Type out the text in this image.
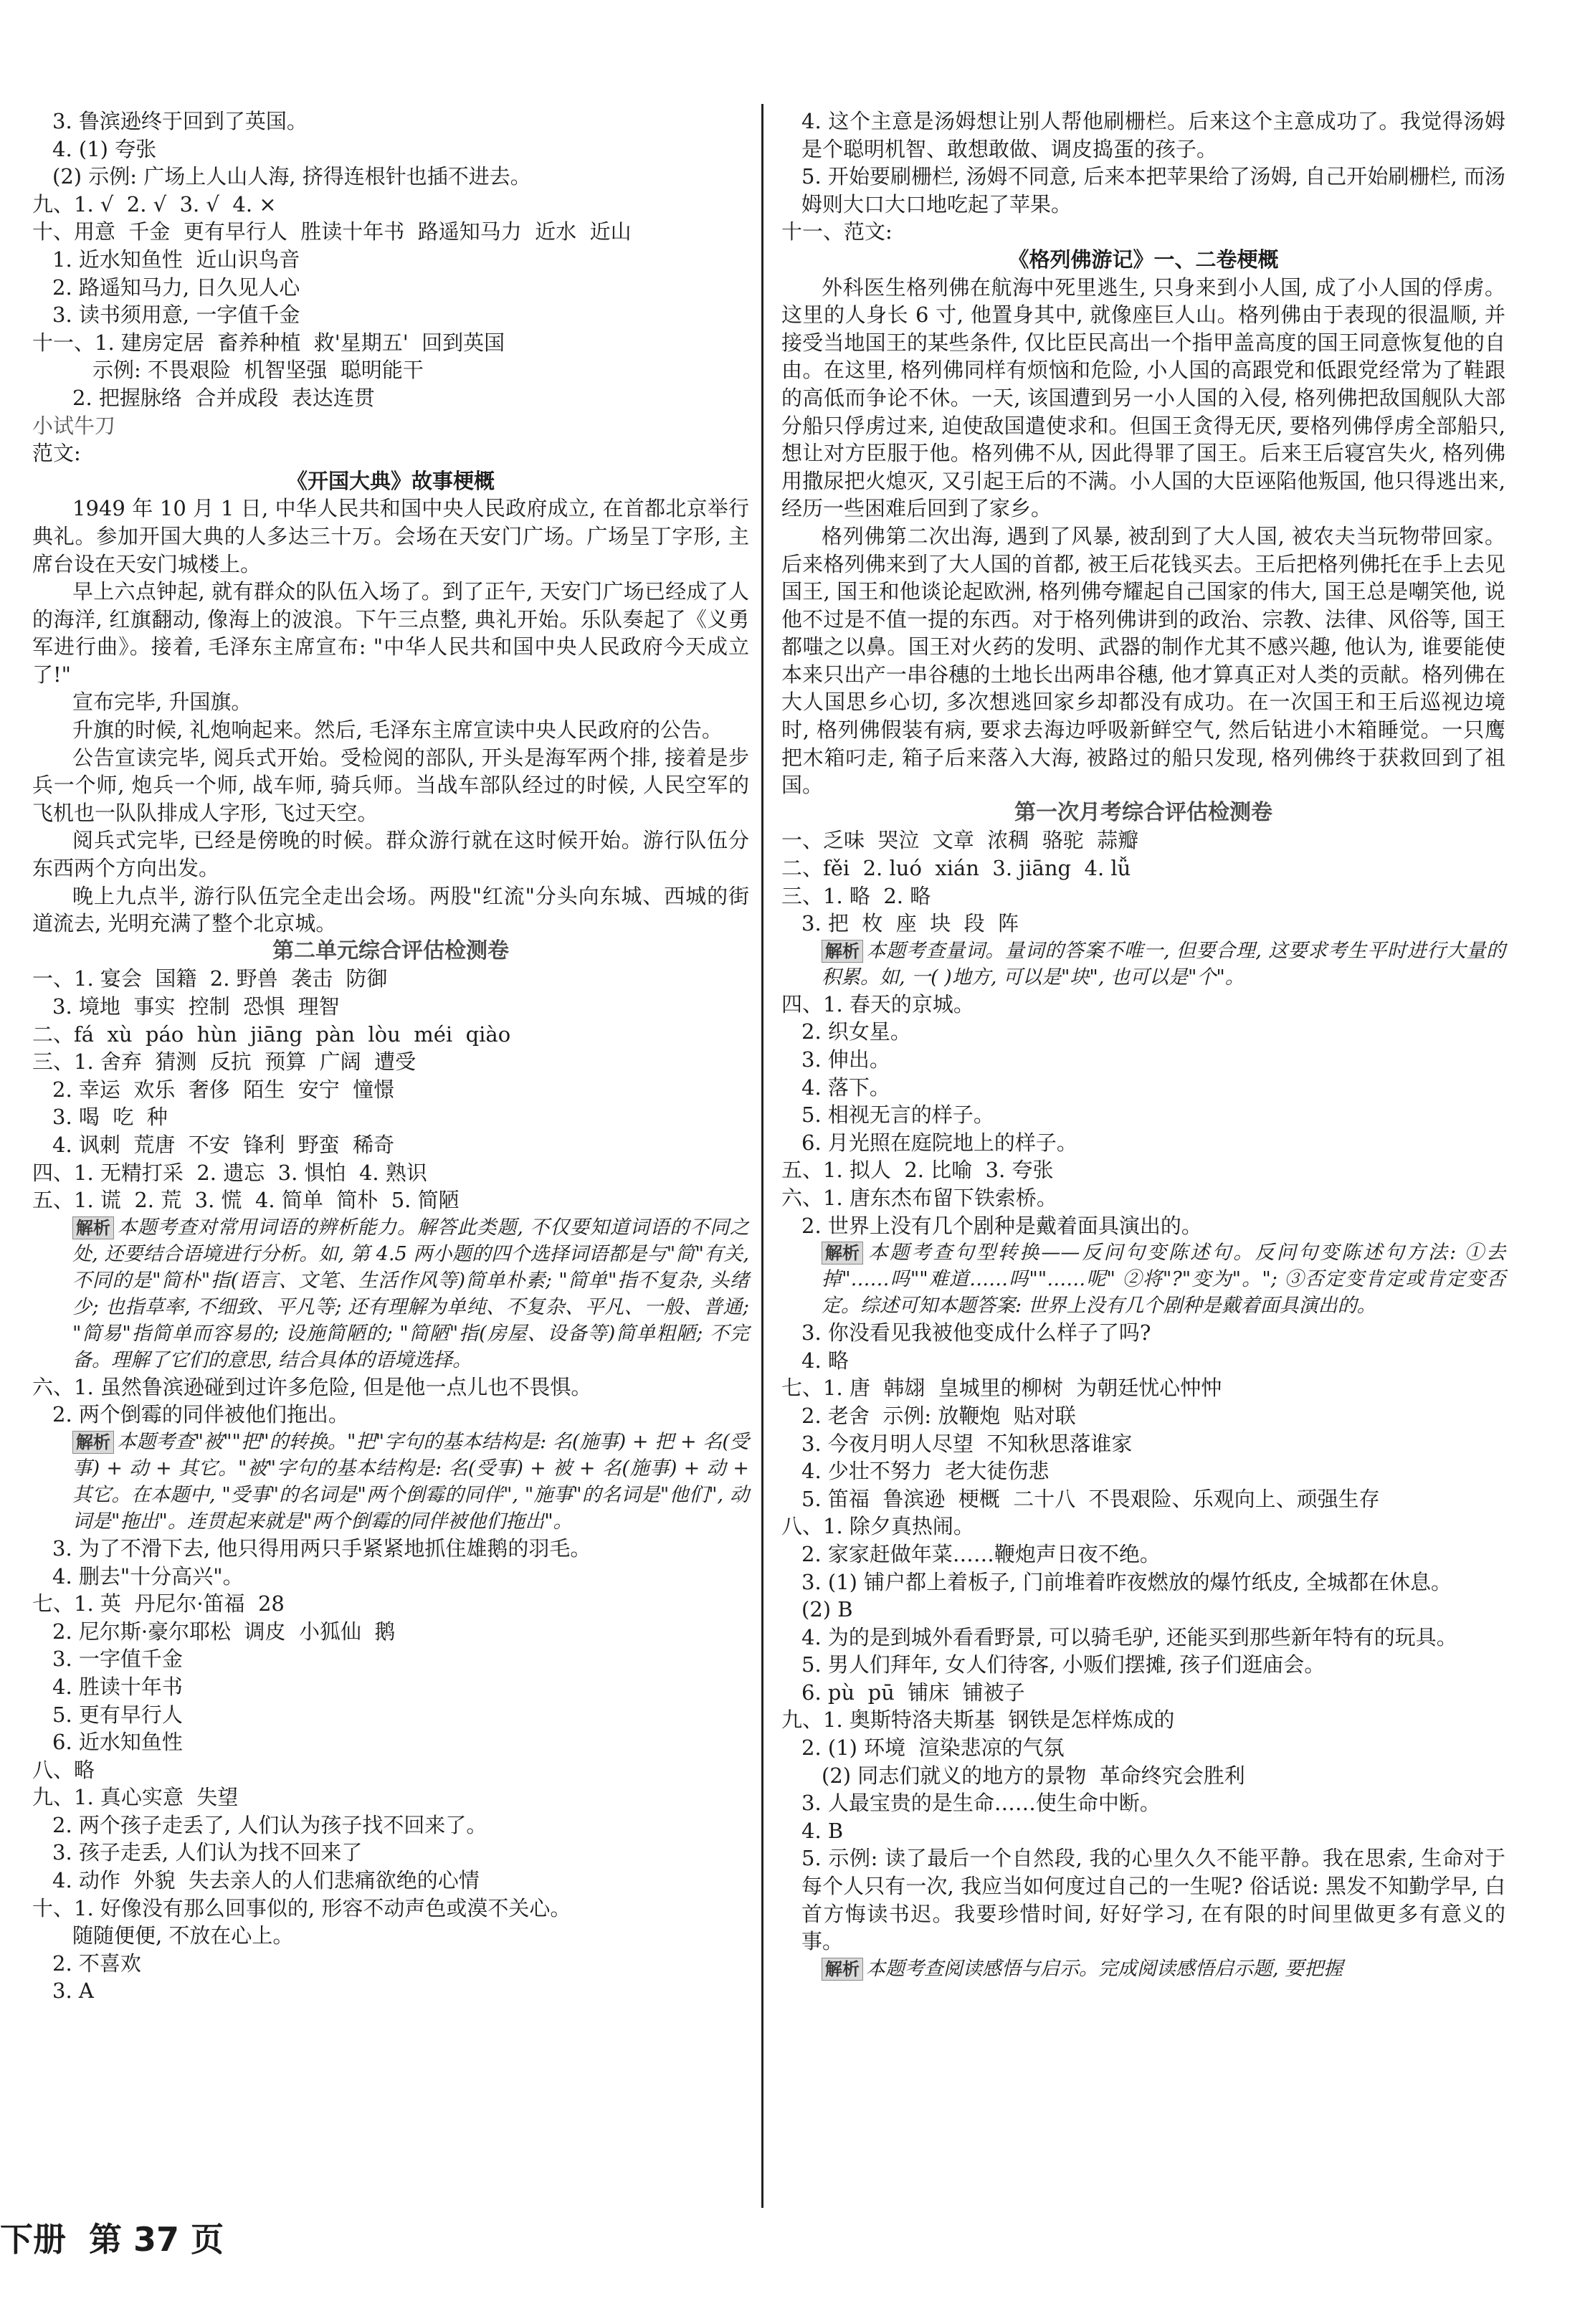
3. 鲁滨逊终于回到了英国。
4. (1) 夸张
(2) 示例: 广场上人山人海, 挤得连根针也插不进去。
九、1. √  2. √  3. √  4. ×
十、用意  千金  更有早行人  胜读十年书  路遥知马力  近水  近山
1. 近水知鱼性  近山识鸟音
2. 路遥知马力, 日久见人心
3. 读书须用意, 一字值千金
十一、1. 建房定居  畜养种植  救'星期五'  回到英国
示例: 不畏艰险  机智坚强  聪明能干
2. 把握脉络  合并成段  表达连贯
小试牛刀
范文:
《开国大典》故事梗概
1949 年 10 月 1 日, 中华人民共和国中央人民政府成立, 在首都北京举行典礼。参加开国大典的人多达三十万。会场在天安门广场。广场呈丁字形, 主席台设在天安门城楼上。
早上六点钟起, 就有群众的队伍入场了。到了正午, 天安门广场已经成了人的海洋, 红旗翻动, 像海上的波浪。下午三点整, 典礼开始。乐队奏起了《义勇军进行曲》。接着, 毛泽东主席宣布: "中华人民共和国中央人民政府今天成立了!"
宣布完毕, 升国旗。
升旗的时候, 礼炮响起来。然后, 毛泽东主席宣读中央人民政府的公告。
公告宣读完毕, 阅兵式开始。受检阅的部队, 开头是海军两个排, 接着是步兵一个师, 炮兵一个师, 战车师, 骑兵师。当战车部队经过的时候, 人民空军的飞机也一队队排成人字形, 飞过天空。
阅兵式完毕, 已经是傍晚的时候。群众游行就在这时候开始。游行队伍分东西两个方向出发。
晚上九点半, 游行队伍完全走出会场。两股"红流"分头向东城、西城的街道流去, 光明充满了整个北京城。
第二单元综合评估检测卷
一、1. 宴会  国籍  2. 野兽  袭击  防御
3. 境地  事实  控制  恐惧  理智
二、fá  xù  páo  hùn  jiāng  pàn  lòu  méi  qiào
三、1. 舍弃  猜测  反抗  预算  广阔  遭受
2. 幸运  欢乐  奢侈  陌生  安宁  憧憬
3. 喝  吃  种
4. 讽刺  荒唐  不安  锋利  野蛮  稀奇
四、1. 无精打采  2. 遗忘  3. 惧怕  4. 熟识
五、1. 谎  2. 荒  3. 慌  4. 简单  简朴  5. 简陋
解析 本题考查对常用词语的辨析能力。解答此类题, 不仅要知道词语的不同之处, 还要结合语境进行分析。如, 第 4.5 两小题的四个选择词语都是与"简"有关, 不同的是"简朴"指(语言、文笔、生活作风等)简单朴素; "简单"指不复杂, 头绪少; 也指草率, 不细致、平凡等; 还有理解为单纯、不复杂、平凡、一般、普通; "简易"指简单而容易的; 设施简陋的; "简陋"指(房屋、设备等)简单粗陋; 不完备。理解了它们的意思, 结合具体的语境选择。
六、1. 虽然鲁滨逊碰到过许多危险, 但是他一点儿也不畏惧。
2. 两个倒霉的同伴被他们拖出。
解析 本题考查"被""把"的转换。"把"字句的基本结构是: 名(施事) + 把 + 名(受事) + 动 + 其它。"被"字句的基本结构是: 名(受事) + 被 + 名(施事) + 动 + 其它。在本题中, "受事"的名词是"两个倒霉的同伴", "施事"的名词是"他们", 动词是"拖出"。连贯起来就是"两个倒霉的同伴被他们拖出"。
3. 为了不滑下去, 他只得用两只手紧紧地抓住雄鹅的羽毛。
4. 删去"十分高兴"。
七、1. 英  丹尼尔·笛福  28
2. 尼尔斯·豪尔耶松  调皮  小狐仙  鹅
3. 一字值千金
4. 胜读十年书
5. 更有早行人
6. 近水知鱼性
八、略
九、1. 真心实意  失望
2. 两个孩子走丢了, 人们认为孩子找不回来了。
3. 孩子走丢, 人们认为找不回来了
4. 动作  外貌  失去亲人的人们悲痛欲绝的心情
十、1. 好像没有那么回事似的, 形容不动声色或漠不关心。
随随便便, 不放在心上。
2. 不喜欢
3. A
4. 这个主意是汤姆想让别人帮他刷栅栏。后来这个主意成功了。我觉得汤姆是个聪明机智、敢想敢做、调皮捣蛋的孩子。
5. 开始要刷栅栏, 汤姆不同意, 后来本把苹果给了汤姆, 自己开始刷栅栏, 而汤姆则大口大口地吃起了苹果。
十一、范文:
《格列佛游记》一、二卷梗概
外科医生格列佛在航海中死里逃生, 只身来到小人国, 成了小人国的俘虏。这里的人身长 6 寸, 他置身其中, 就像座巨人山。格列佛由于表现的很温顺, 并接受当地国王的某些条件, 仅比臣民高出一个指甲盖高度的国王同意恢复他的自由。在这里, 格列佛同样有烦恼和危险, 小人国的高跟党和低跟党经常为了鞋跟的高低而争论不休。一天, 该国遭到另一小人国的入侵, 格列佛把敌国舰队大部分船只俘虏过来, 迫使敌国遣使求和。但国王贪得无厌, 要格列佛俘虏全部船只, 想让对方臣服于他。格列佛不从, 因此得罪了国王。后来王后寝宫失火, 格列佛用撒尿把火熄灭, 又引起王后的不满。小人国的大臣诬陷他叛国, 他只得逃出来, 经历一些困难后回到了家乡。
格列佛第二次出海, 遇到了风暴, 被刮到了大人国, 被农夫当玩物带回家。后来格列佛来到了大人国的首都, 被王后花钱买去。王后把格列佛托在手上去见国王, 国王和他谈论起欧洲, 格列佛夸耀起自己国家的伟大, 国王总是嘲笑他, 说他不过是不值一提的东西。对于格列佛讲到的政治、宗教、法律、风俗等, 国王都嗤之以鼻。国王对火药的发明、武器的制作尤其不感兴趣, 他认为, 谁要能使本来只出产一串谷穗的土地长出两串谷穗, 他才算真正对人类的贡献。格列佛在大人国思乡心切, 多次想逃回家乡却都没有成功。在一次国王和王后巡视边境时, 格列佛假装有病, 要求去海边呼吸新鲜空气, 然后钻进小木箱睡觉。一只鹰把木箱叼走, 箱子后来落入大海, 被路过的船只发现, 格列佛终于获救回到了祖国。
第一次月考综合评估检测卷
一、乏味  哭泣  文章  浓稠  骆驼  蒜瓣
二、fěi  2. luó  xián  3. jiāng  4. lǚ
三、1. 略  2. 略
3. 把  枚  座  块  段  阵
解析 本题考查量词。量词的答案不唯一, 但要合理, 这要求考生平时进行大量的积累。如, 一( )地方, 可以是"块", 也可以是"个"。
四、1. 春天的京城。
2. 织女星。
3. 伸出。
4. 落下。
5. 相视无言的样子。
6. 月光照在庭院地上的样子。
五、1. 拟人  2. 比喻  3. 夸张
六、1. 唐东杰布留下铁索桥。
2. 世界上没有几个剧种是戴着面具演出的。
解析 本题考查句型转换——反问句变陈述句。反问句变陈述句方法: ①去掉"……吗""难道……吗""……呢" ②将"?"变为"。"; ③否定变肯定或肯定变否定。综述可知本题答案: 世界上没有几个剧种是戴着面具演出的。
3. 你没看见我被他变成什么样子了吗?
4. 略
七、1. 唐  韩翃  皇城里的柳树  为朝廷忧心忡忡
2. 老舍  示例: 放鞭炮  贴对联
3. 今夜月明人尽望  不知秋思落谁家
4. 少壮不努力  老大徒伤悲
5. 笛福  鲁滨逊  梗概  二十八  不畏艰险、乐观向上、顽强生存
八、1. 除夕真热闹。
2. 家家赶做年菜……鞭炮声日夜不绝。
3. (1) 铺户都上着板子, 门前堆着昨夜燃放的爆竹纸皮, 全城都在休息。
(2) B
4. 为的是到城外看看野景, 可以骑毛驴, 还能买到那些新年特有的玩具。
5. 男人们拜年, 女人们待客, 小贩们摆摊, 孩子们逛庙会。
6. pù  pū  铺床  铺被子
九、1. 奥斯特洛夫斯基  钢铁是怎样炼成的
2. (1) 环境  渲染悲凉的气氛
(2) 同志们就义的地方的景物  革命终究会胜利
3. 人最宝贵的是生命……使生命中断。
4. B
5. 示例: 读了最后一个自然段, 我的心里久久不能平静。我在思索, 生命对于每个人只有一次, 我应当如何度过自己的一生呢? 俗话说: 黑发不知勤学早, 白首方悔读书迟。我要珍惜时间, 好好学习, 在有限的时间里做更多有意义的事。
解析 本题考查阅读感悟与启示。完成阅读感悟启示题, 要把握
下册  第 37 页
